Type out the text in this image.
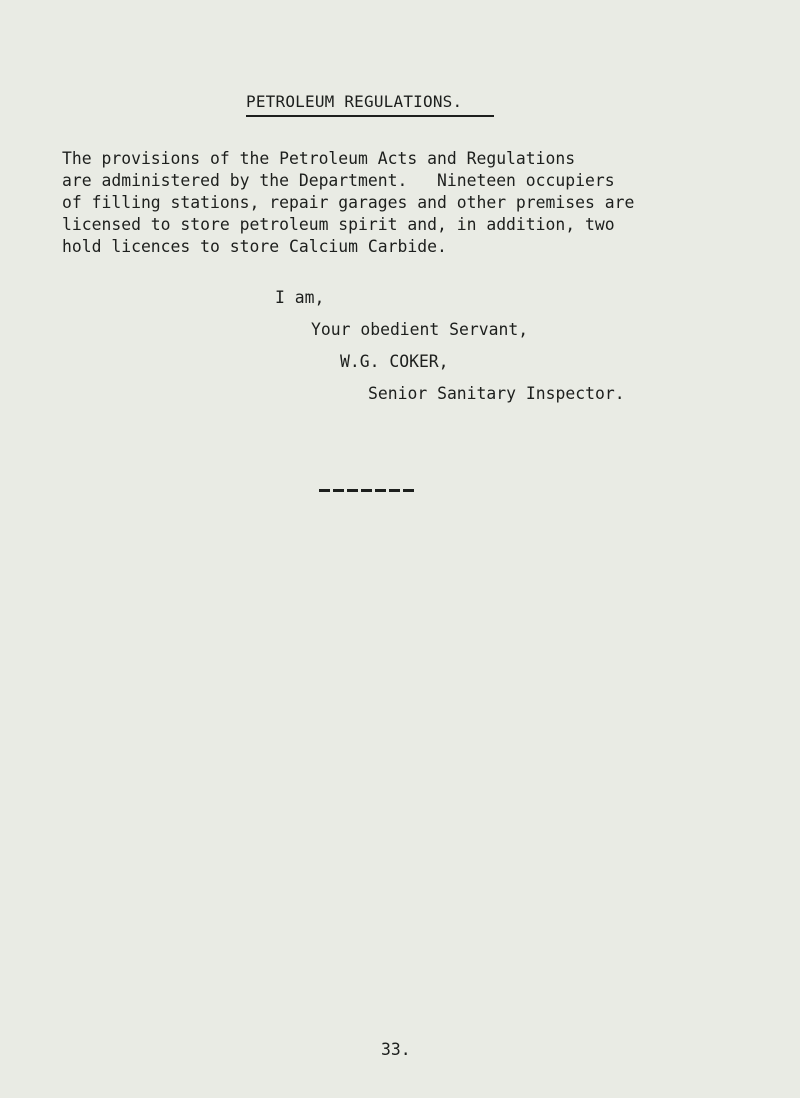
PETROLEUM REGULATIONS.

The provisions of the Petroleum Acts and Regulations
are administered by the Department.   Nineteen occupiers
of filling stations, repair garages and other premises are
licensed to store petroleum spirit and, in addition, two
hold licences to store Calcium Carbide.

I am,
Your obedient Servant,
W.G. COKER,
Senior Sanitary Inspector.
33.
